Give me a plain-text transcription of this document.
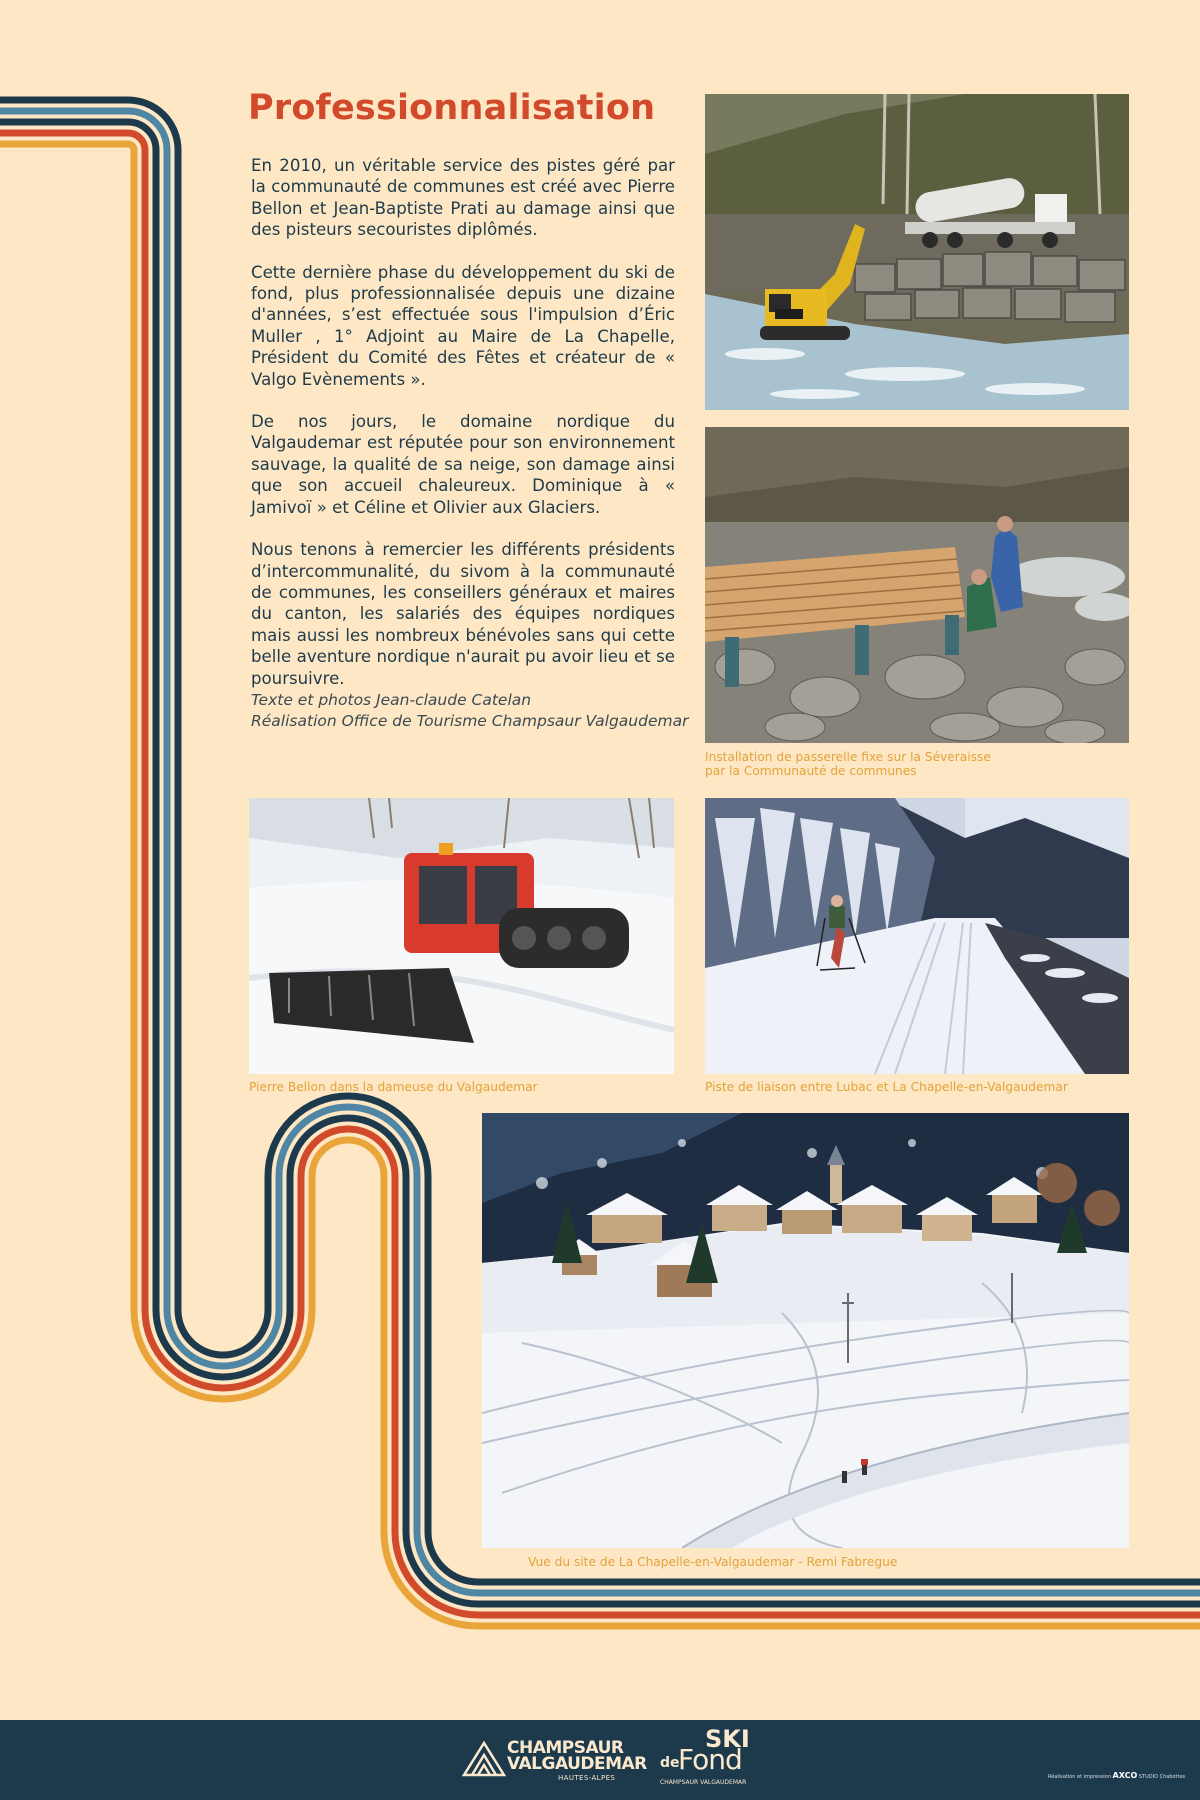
Professionnalisation

En 2010, un véritable service des pistes géré par la communauté de communes est créé avec Pierre Bellon et Jean-Baptiste Prati au damage ainsi que des pisteurs secouristes diplômés.

Cette dernière phase du développement du ski de fond, plus professionnalisée depuis une dizaine d'années, s’est effectuée sous l'impulsion d’Éric Muller , 1° Adjoint au Maire de La Chapelle, Président du Comité des Fêtes et créateur de « Valgo Evènements ».

De nos jours, le domaine nordique du Valgaudemar est réputée pour son environnement sauvage, la qualité de sa neige, son damage ainsi que son accueil chaleureux. Dominique à « Jamivoï » et Céline et Olivier aux Glaciers.

Nous tenons à remercier les différents présidents d’intercommunalité, du sivom à la communauté de communes, les conseillers généraux et maires du canton, les salariés des équipes nordiques mais aussi les nombreux bénévoles sans qui cette belle aventure nordique n'aurait pu avoir lieu et se poursuivre.

Texte et photos Jean-claude Catelan
Réalisation Office de Tourisme Champsaur Valgaudemar
Installation de passerelle fixe sur la Séveraisse
par la Communauté de communes
Pierre Bellon dans la dameuse du Valgaudemar	Piste de liaison entre Lubac et La Chapelle-en-Valgaudemar
Vue du site de La Chapelle-en-Valgaudemar - Remi Fabregue
CHAMPSAUR
VALGAUDEMAR
HAUTES-ALPES
SKI
de
Fond
CHAMPSAUR VALGAUDEMAR
Réalisation et impression AXCO STUDIO Chabottes
